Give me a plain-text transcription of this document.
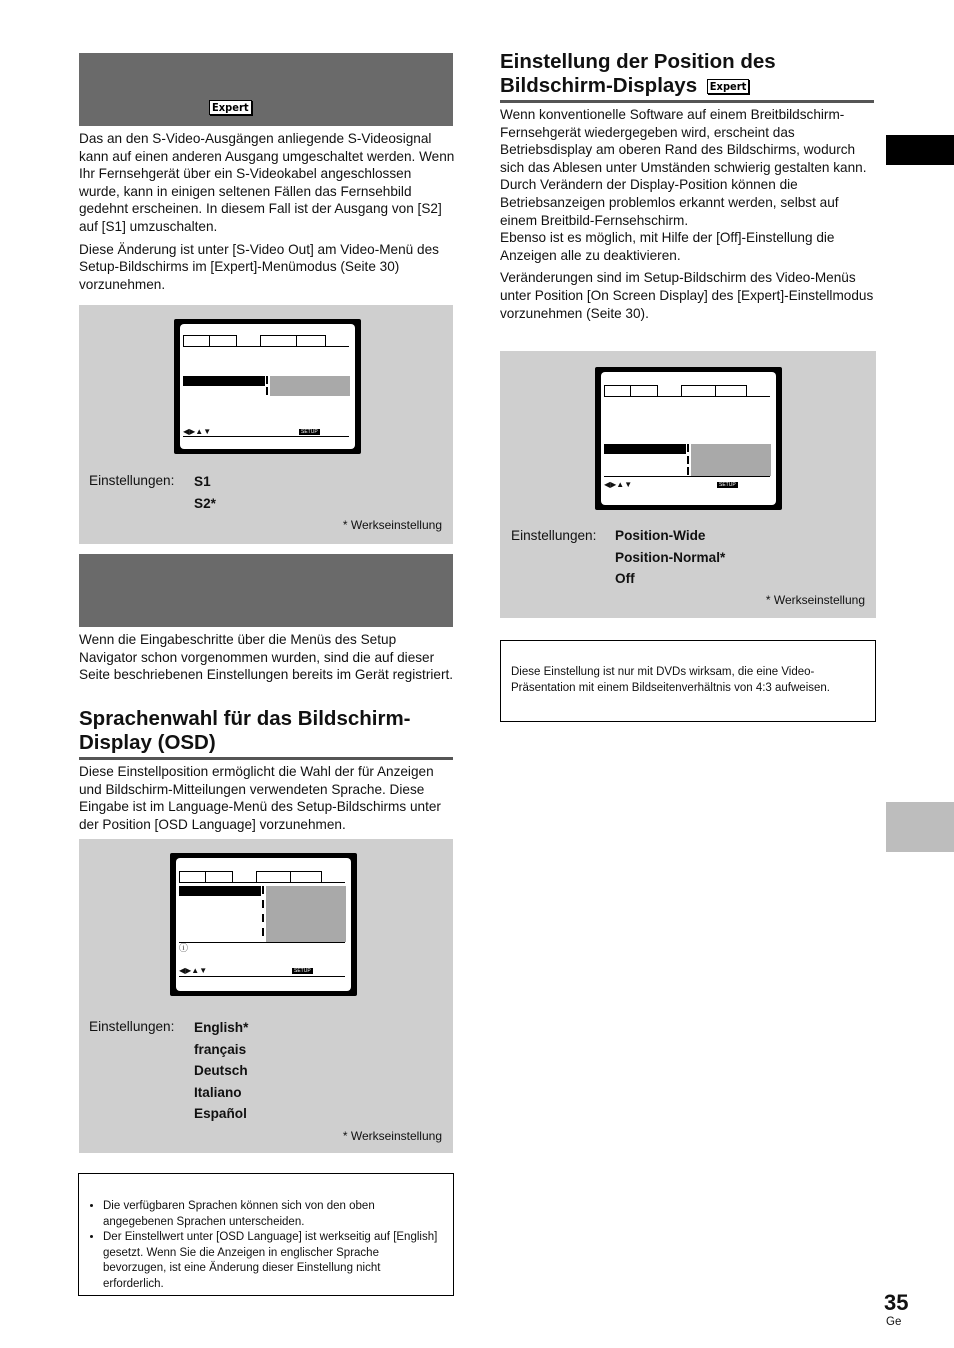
Expert

Das an den S-Video-Ausgängen anliegende S-Videosignal kann auf einen anderen Ausgang umgeschaltet werden. Wenn Ihr Fernsehgerät über ein S-Videokabel angeschlossen wurde, kann in einigen seltenen Fällen das Fernsehbild gedehnt erscheinen. In diesem Fall ist der Ausgang von [S2] auf [S1] umzuschalten.

Diese Änderung ist unter [S-Video Out] am Video-Menü des Setup-Bildschirms im [Expert]-Menümodus (Seite 30) vorzunehmen.

◀▶▲▼	SETUP
Einstellungen: S1
S2*
* Werkseinstellung

Wenn die Eingabeschritte über die Menüs des Setup Navigator schon vorgenommen wurden, sind die auf dieser Seite beschriebenen Einstellungen bereits im Gerät registriert.

Sprachenwahl für das Bildschirm-Display (OSD)

Diese Einstellposition ermöglicht die Wahl der für Anzeigen und Bildschirm-Mitteilungen verwendeten Sprache. Diese Eingabe ist im Language-Menü des Setup-Bildschirms unter der Position [OSD Language] vorzunehmen.

ⓘ
◀▶▲▼	SETUP
Einstellungen: English*
français
Deutsch
Italiano
Español
* Werkseinstellung
• Die verfügbaren Sprachen können sich von den oben angegebenen Sprachen unterscheiden.
• Der Einstellwert unter [OSD Language] ist werkseitig auf [English] gesetzt. Wenn Sie die Anzeigen in englischer Sprache bevorzugen, ist eine Änderung dieser Einstellung nicht erforderlich.
Einstellung der Position des Bildschirm-Displays Expert

Wenn konventionelle Software auf einem Breitbildschirm-Fernsehgerät wiedergegeben wird, erscheint das Betriebsdisplay am oberen Rand des Bildschirms, wodurch sich das Ablesen unter Umständen schwierig gestalten kann. Durch Verändern der Display-Position können die Betriebsanzeigen problemlos erkannt werden, selbst auf einem Breitbild-Fernsehschirm.

Ebenso ist es möglich, mit Hilfe der [Off]-Einstellung die Anzeigen alle zu deaktivieren.

Veränderungen sind im Setup-Bildschirm des Video-Menüs unter Position [On Screen Display] des [Expert]-Einstellmodus vorzunehmen (Seite 30).

◀▶▲▼	SETUP
Einstellungen: Position-Wide
Position-Normal*
Off
* Werkseinstellung
Diese Einstellung ist nur mit DVDs wirksam, die eine Video-Präsentation mit einem Bildseitenverhältnis von 4:3 aufweisen.
35
Ge
